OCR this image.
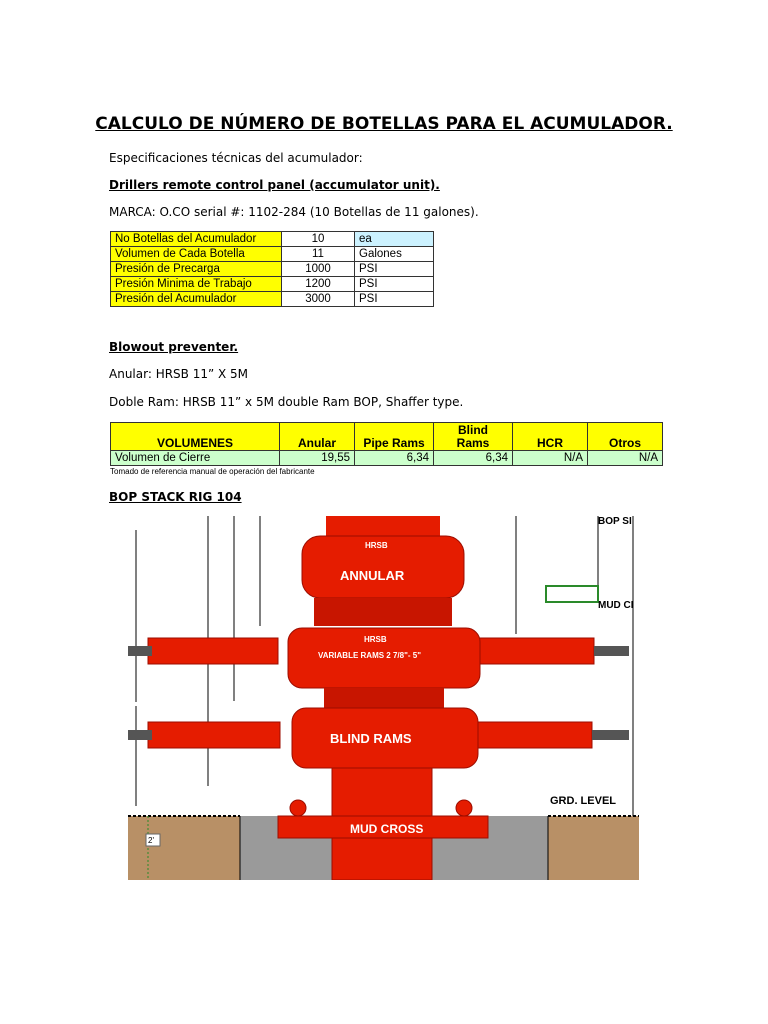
CALCULO DE NÚMERO DE BOTELLAS PARA EL ACUMULADOR.
Especificaciones técnicas del acumulador:
Drillers remote control panel (accumulator unit).
MARCA: O.CO serial #: 1102-284 (10 Botellas de 11 galones).
No Botellas del Acumulador	10	ea
Volumen de Cada Botella	11	Galones
Presión de Precarga	1000	PSI
Presión Minima de Trabajo	1200	PSI
Presión del Acumulador	3000	PSI
Blowout preventer.
Anular: HRSB 11” X 5M
Doble Ram: HRSB 11” x 5M double Ram BOP, Shaffer type.
VOLUMENES	Anular	Pipe Rams	Blind Rams	HCR	Otros
Volumen de Cierre	19,55	6,34	6,34	N/A	N/A
Tomado de referencia manual de operación del fabricante
BOP STACK RIG 104
2'
BOP SI
MUD CI
GRD. LEVEL
HRSB
ANNULAR
HRSB
VARIABLE RAMS 2 7/8"- 5"
BLIND RAMS
MUD CROSS
